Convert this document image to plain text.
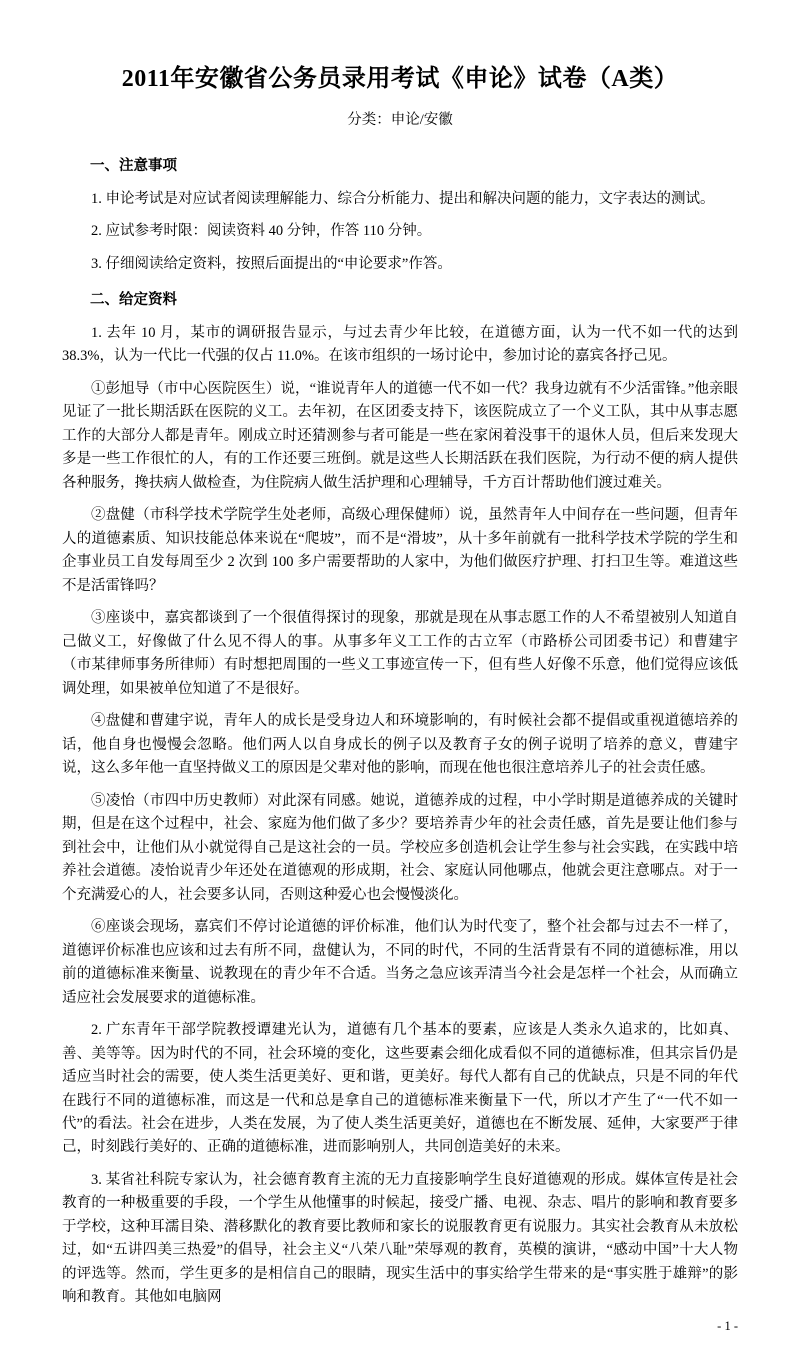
2011年安徽省公务员录用考试《申论》试卷（A类）
分类：申论/安徽
一、注意事项

1. 申论考试是对应试者阅读理解能力、综合分析能力、提出和解决问题的能力，文字表达的测试。

2. 应试参考时限：阅读资料 40 分钟，作答 110 分钟。

3. 仔细阅读给定资料，按照后面提出的“申论要求”作答。

二、给定资料

1. 去年 10 月，某市的调研报告显示，与过去青少年比较，在道德方面，认为一代不如一代的达到 38.3%，认为一代比一代强的仅占 11.0%。在该市组织的一场讨论中，参加讨论的嘉宾各抒己见。

①彭旭导（市中心医院医生）说，“谁说青年人的道德一代不如一代？我身边就有不少活雷锋。”他亲眼见证了一批长期活跃在医院的义工。去年初，在区团委支持下，该医院成立了一个义工队，其中从事志愿工作的大部分人都是青年。刚成立时还猜测参与者可能是一些在家闲着没事干的退休人员，但后来发现大多是一些工作很忙的人，有的工作还要三班倒。就是这些人长期活跃在我们医院，为行动不便的病人提供各种服务，搀扶病人做检查，为住院病人做生活护理和心理辅导，千方百计帮助他们渡过难关。

②盘健（市科学技术学院学生处老师，高级心理保健师）说，虽然青年人中间存在一些问题，但青年人的道德素质、知识技能总体来说在“爬坡”，而不是“滑坡”，从十多年前就有一批科学技术学院的学生和企事业员工自发每周至少 2 次到 100 多户需要帮助的人家中，为他们做医疗护理、打扫卫生等。难道这些不是活雷锋吗？

③座谈中，嘉宾都谈到了一个很值得探讨的现象，那就是现在从事志愿工作的人不希望被别人知道自己做义工，好像做了什么见不得人的事。从事多年义工工作的古立军（市路桥公司团委书记）和曹建宇（市某律师事务所律师）有时想把周围的一些义工事迹宣传一下，但有些人好像不乐意，他们觉得应该低调处理，如果被单位知道了不是很好。

④盘健和曹建宇说，青年人的成长是受身边人和环境影响的，有时候社会都不提倡或重视道德培养的话，他自身也慢慢会忽略。他们两人以自身成长的例子以及教育子女的例子说明了培养的意义，曹建宇说，这么多年他一直坚持做义工的原因是父辈对他的影响，而现在他也很注意培养儿子的社会责任感。

⑤凌怡（市四中历史教师）对此深有同感。她说，道德养成的过程，中小学时期是道德养成的关键时期，但是在这个过程中，社会、家庭为他们做了多少？要培养青少年的社会责任感，首先是要让他们参与到社会中，让他们从小就觉得自己是这社会的一员。学校应多创造机会让学生参与社会实践，在实践中培养社会道德。凌怡说青少年还处在道德观的形成期，社会、家庭认同他哪点，他就会更注意哪点。对于一个充满爱心的人，社会要多认同，否则这种爱心也会慢慢淡化。

⑥座谈会现场，嘉宾们不停讨论道德的评价标准，他们认为时代变了，整个社会都与过去不一样了，道德评价标准也应该和过去有所不同，盘健认为，不同的时代，不同的生活背景有不同的道德标准，用以前的道德标准来衡量、说教现在的青少年不合适。当务之急应该弄清当今社会是怎样一个社会，从而确立适应社会发展要求的道德标准。

2. 广东青年干部学院教授谭建光认为，道德有几个基本的要素，应该是人类永久追求的，比如真、善、美等等。因为时代的不同，社会环境的变化，这些要素会细化成看似不同的道德标准，但其宗旨仍是适应当时社会的需要，使人类生活更美好、更和谐，更美好。每代人都有自己的优缺点，只是不同的年代在践行不同的道德标准，而这是一代和总是拿自己的道德标准来衡量下一代，所以才产生了“一代不如一代”的看法。社会在进步，人类在发展，为了使人类生活更美好，道德也在不断发展、延伸，大家要严于律己，时刻践行美好的、正确的道德标准，进而影响别人，共同创造美好的未来。

3. 某省社科院专家认为，社会德育教育主流的无力直接影响学生良好道德观的形成。媒体宣传是社会教育的一种极重要的手段，一个学生从他懂事的时候起，接受广播、电视、杂志、唱片的影响和教育要多于学校，这种耳濡目染、潜移默化的教育要比教师和家长的说服教育更有说服力。其实社会教育从未放松过，如“五讲四美三热爱”的倡导，社会主义“八荣八耻”荣辱观的教育，英模的演讲，“感动中国”十大人物的评选等。然而，学生更多的是相信自己的眼睛，现实生活中的事实给学生带来的是“事实胜于雄辩”的影响和教育。其他如电脑网

- 1 -
